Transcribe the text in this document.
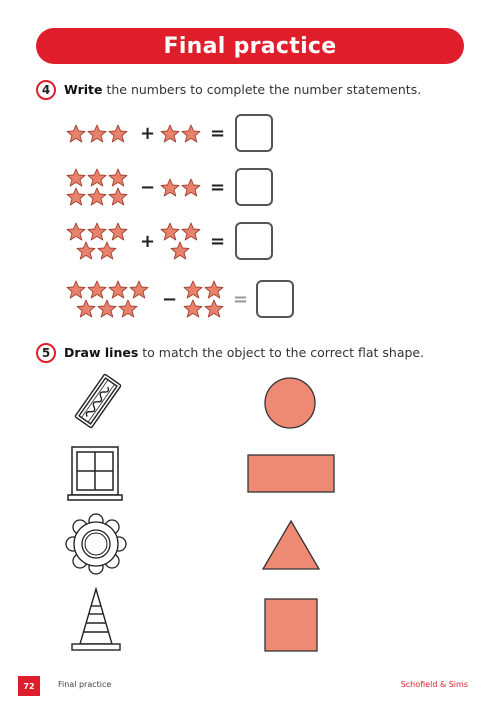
Final practice
4 Write the numbers to complete the number statements.
+	=
−	=
+	=
−	=
5 Draw lines to match the object to the correct flat shape.
72	Final practice	Schofield & Sims
